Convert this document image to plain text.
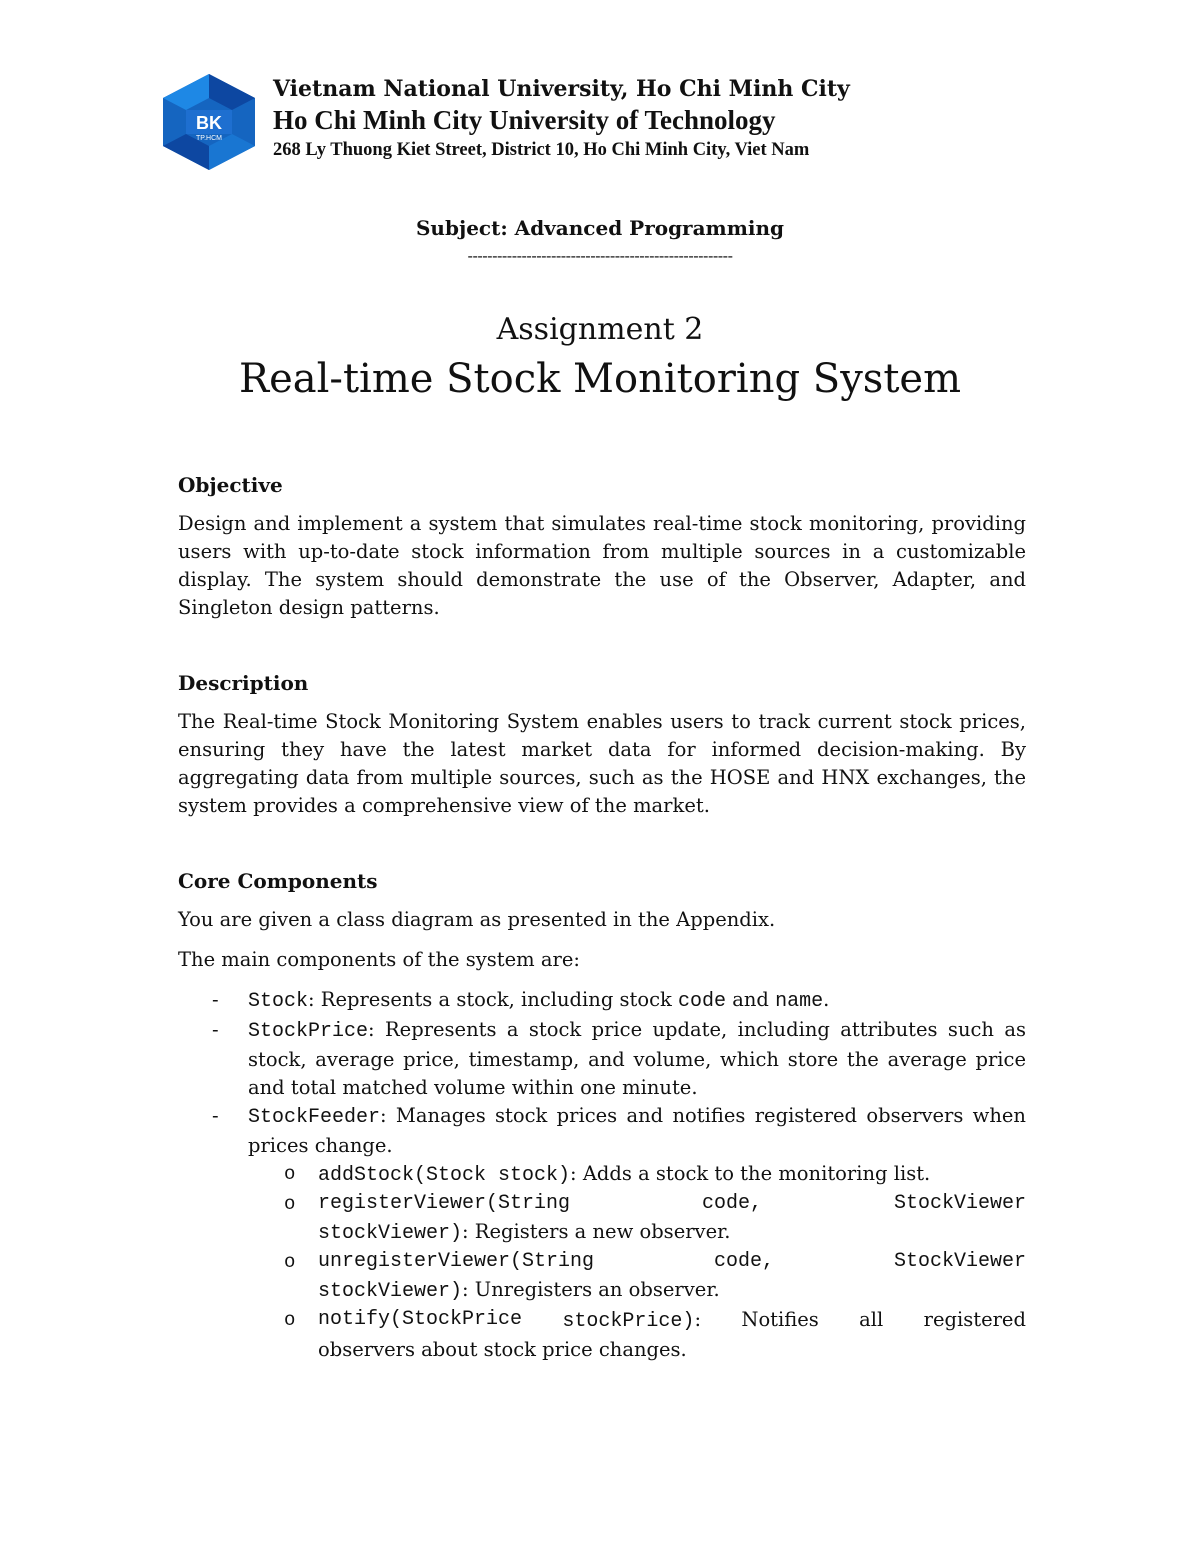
BK
TP.HCM
Vietnam National University, Ho Chi Minh City
Ho Chi Minh City University of Technology
268 Ly Thuong Kiet Street, District 10, Ho Chi Minh City, Viet Nam
Subject: Advanced Programming
------------------------------------------------------
Assignment 2
Real-time Stock Monitoring System
Objective

Design and implement a system that simulates real-time stock monitoring, providing users with up-to-date stock information from multiple sources in a customizable display. The system should demonstrate the use of the Observer, Adapter, and Singleton design patterns.

Description

The Real-time Stock Monitoring System enables users to track current stock prices, ensuring they have the latest market data for informed decision-making. By aggregating data from multiple sources, such as the HOSE and HNX exchanges, the system provides a comprehensive view of the market.

Core Components

You are given a class diagram as presented in the Appendix.

The main components of the system are:

- Stock: Represents a stock, including stock code and name.
- StockPrice: Represents a stock price update, including attributes such as stock, average price, timestamp, and volume, which store the average price and total matched volume within one minute.
- StockFeeder: Manages stock prices and notifies registered observers when prices change.
o addStock(Stock stock): Adds a stock to the monitoring list.
o registerViewer(String	code,	StockViewer
stockViewer): Registers a new observer.
o unregisterViewer(String	code,	StockViewer
stockViewer): Unregisters an observer.
o notify(StockPrice stockPrice): Notifies all registered
observers about stock price changes.
